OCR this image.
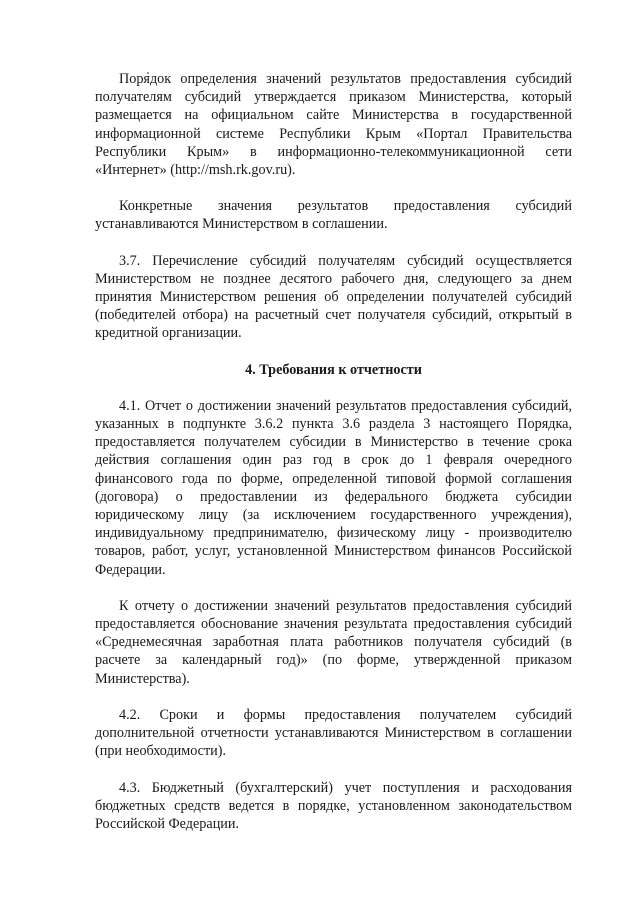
Порядок определения значений результатов предоставления субсидий получателям субсидий утверждается приказом Министерства, который размещается на официальном сайте Министерства в государственной информационной системе Республики Крым «Портал Правительства Республики Крым» в информационно-телекоммуникационной сети «Интернет» (http://msh.rk.gov.ru).

Конкретные значения результатов предоставления субсидий устанавливаются Министерством в соглашении.

3.7. Перечисление субсидий получателям субсидий осуществляется Министерством не позднее десятого рабочего дня, следующего за днем принятия Министерством решения об определении получателей субсидий (победителей отбора) на расчетный счет получателя субсидий, открытый в кредитной организации.

4. Требования к отчетности

4.1. Отчет о достижении значений результатов предоставления субсидий, указанных в подпункте 3.6.2 пункта 3.6 раздела 3 настоящего Порядка, предоставляется получателем субсидии в Министерство в течение срока действия соглашения один раз год в срок до 1 февраля очередного финансового года по форме, определенной типовой формой соглашения (договора) о предоставлении из федерального бюджета субсидии юридическому лицу (за исключением государственного учреждения), индивидуальному предпринимателю, физическому лицу - производителю товаров, работ, услуг, установленной Министерством финансов Российской Федерации.

К отчету о достижении значений результатов предоставления субсидий предоставляется обоснование значения результата предоставления субсидий «Среднемесячная заработная плата работников получателя субсидий (в расчете за календарный год)» (по форме, утвержденной приказом Министерства).

4.2. Сроки и формы предоставления получателем субсидий дополнительной отчетности устанавливаются Министерством в соглашении (при необходимости).

4.3. Бюджетный (бухгалтерский) учет поступления и расходования бюджетных средств ведется в порядке, установленном законодательством Российской Федерации.
